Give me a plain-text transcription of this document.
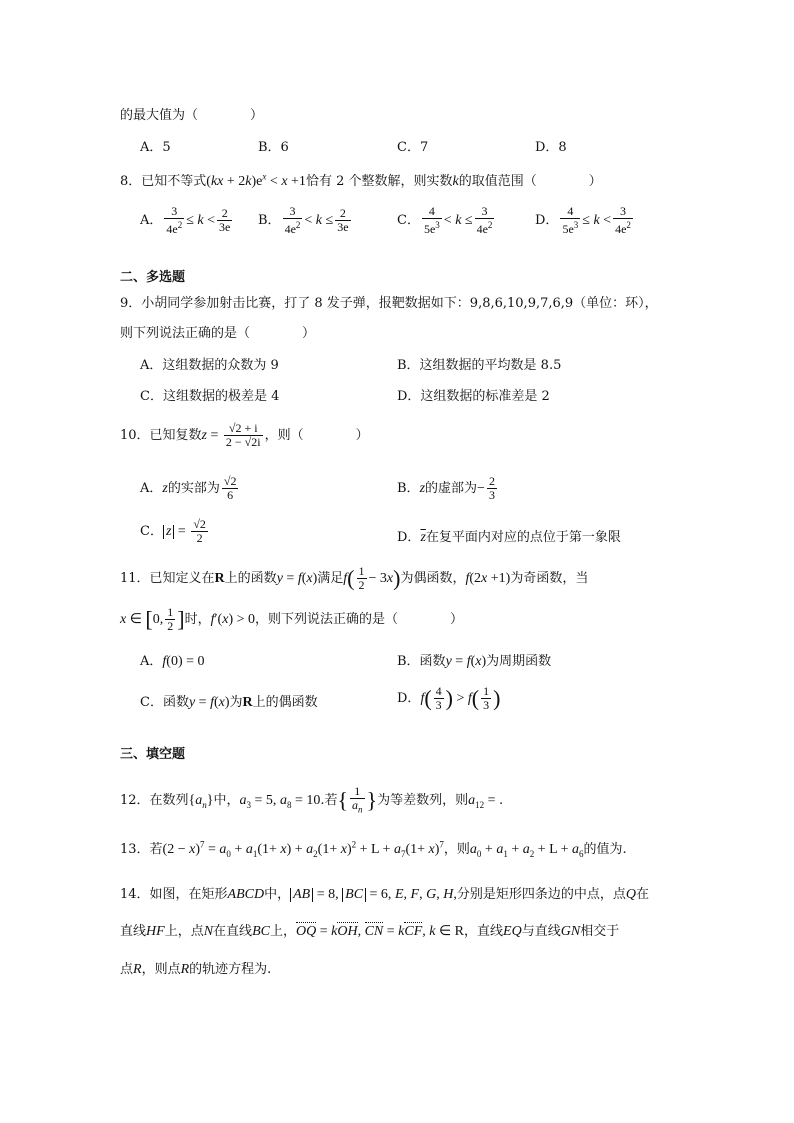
的最大值为（　　　　）
A．5	B．6	C．7	D．8
8．已知不等式$(kx + 2k)e^x < x +1$恰有 2 个整数解，则实数k的取值范围（　　　　）
A． $\frac{3}{4e^2} \le k < \frac{2}{3e}$ B． $\frac{3}{4e^2} < k \le \frac{2}{3e}$	C． $\frac{4}{5e^3} < k \le \frac{3}{4e^2}$	D． $\frac{4}{5e^3} \le k < \frac{3}{4e^2}$
二、多选题
9．小胡同学参加射击比赛，打了 8 发子弹，报靶数据如下：9,8,6,10,9,7,6,9（单位：环），
则下列说法正确的是（　　　　）
A．这组数据的众数为 9	B．这组数据的平均数是 8.5
C．这组数据的极差是 4	D．这组数据的标准差是 2
10．已知复数$z = \frac{√2 + i}{2 - √2i}$ ，则（　　　　）
A．z的实部为 $\frac{√2}{6}$	B．z的虚部为− $\frac{2}{3}$
C． $z = \frac{√2}{2}$	D．$\overline{z}$在复平面内对应的点位于第一象限
11．已知定义在R上的函数y = f(x)满足$f( \frac{1}{2} - 3x)$为偶函数，f(2x +1)为奇函数，当
x ∈ [0, $\frac{1}{2}$ ]时，f′(x) > 0，则下列说法正确的是（　　　　）
A．f(0) = 0	B．函数y = f(x)为周期函数
C．函数y = f(x)为R上的偶函数	D．$f( \frac{4}{3}$ ) > $f( \frac{1}{3}$ )
三、填空题
12．在数列$\{a_n\}$中，$a_3 = 5$, $a_8 = 10$.若{ $\frac{1}{a_n}$ }为等差数列，则$a_{12}$ = .
13．若$(2 - x)^7 = a_0 + a_1(1+ x) + a_2(1+ x)^2 + L + a_7(1+ x)^7$，则$a_0 + a_1 + a_2 + L + a_6$的值为.
14．如图，在矩形ABCD中， AB = 8, BC = 6, E, F, G, H,分别是矩形四条边的中点，点Q在
直线HF上，点N在直线BC上，OQ = kOH, CN = kCF, k ∈ R，直线EQ与直线GN相交于
点R，则点R的轨迹方程为.
